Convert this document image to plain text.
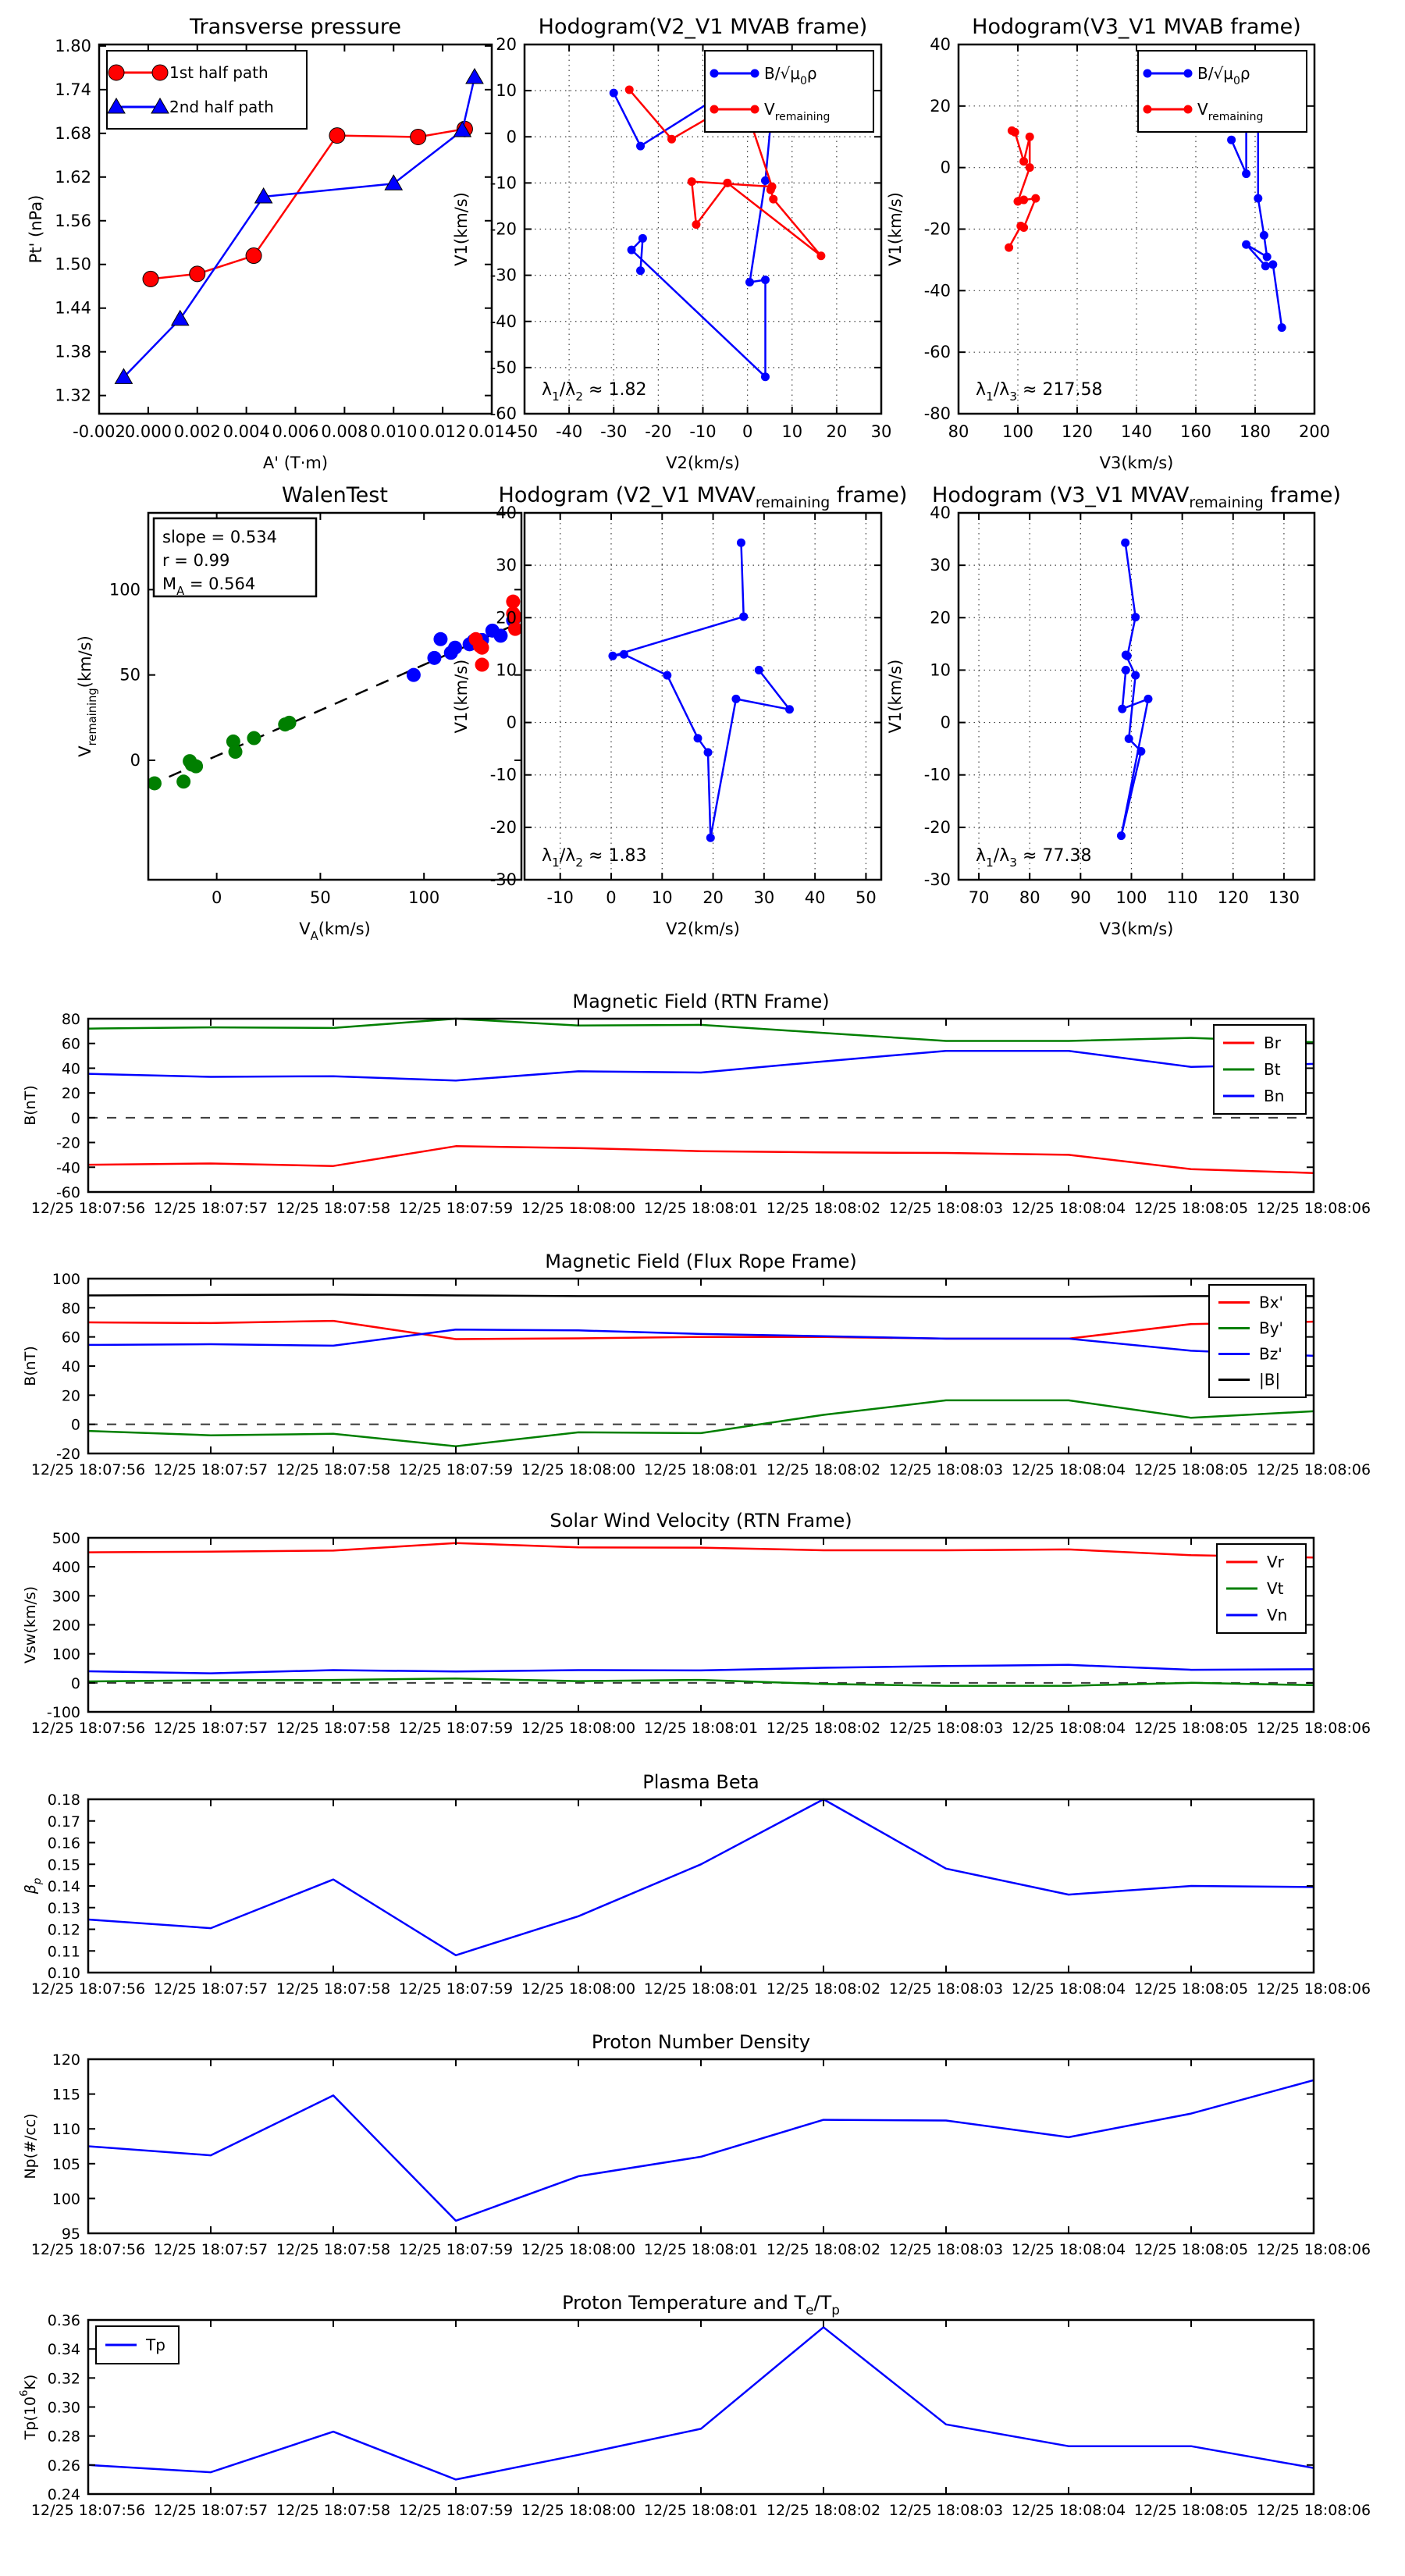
-0.002
0.000 0.002 0.004 0.006 0.008 0.010 0.012 0.014
1.32
1.38
1.44
1.50
1.56
1.62
1.68
1.74
1.80
Transverse pressure
A' (T·m)
Pt' (nPa)
1st half path
2nd half path
-50 -40 -30 -20 -10 0 10 20 30
-60
-50
-40
-30
-20
-10
0
10
20
Hodogram(V2_V1 MVAB frame)
V2(km/s)
V1(km/s)
$B/√\mu_0\rho$
$V_{remaining}$
$\lambda_1/\lambda_2 \approx 1.82$
80 100 120 140 160 180 200
-80
-60
-40
-20
0
20
40
Hodogram(V3_V1 MVAB frame)
V3(km/s)
V1(km/s)
$B/√\mu_0\rho$
$V_{remaining}$
$\lambda_1/\lambda_3 \approx 217.58$
0	50	100
0
50
100
WalenTest
$V_A(km/s)$
$V_{remaining}(km/s)$
slope = 0.534
r = 0.99
$M_A = 0.564$
-10 0 10 20 30 40 50
-30
-20
-10
0
10
20
30
40
Hodogram (V2_V1 $MVAV_{remaining}$ frame)
V2(km/s)
V1(km/s)
$\lambda_1/\lambda_2 \approx 1.83$
70 80 90 100 110 120 130
-30
-20
-10
0
10
20
30
40
Hodogram (V3_V1 $MVAV_{remaining}$ frame)
V3(km/s)
V1(km/s)
$\lambda_1/\lambda_3 \approx 77.38$
12/25 18:07:56 12/25 18:07:57 12/25 18:07:58 12/25 18:07:59 12/25 18:08:00 12/25 18:08:01 12/25 18:08:02 12/25 18:08:03 12/25 18:08:04 12/25 18:08:05 12/25 18:08:06
-60
-40
-20
0
20
40
60
80
Magnetic Field (RTN Frame)
B(nT)
Br
Bt
Bn
12/25 18:07:56 12/25 18:07:57 12/25 18:07:58 12/25 18:07:59 12/25 18:08:00 12/25 18:08:01 12/25 18:08:02 12/25 18:08:03 12/25 18:08:04 12/25 18:08:05 12/25 18:08:06
-20
0
20
40
60
80
100
Magnetic Field (Flux Rope Frame)
B(nT)
Bx'
By'
Bz'
|B|
12/25 18:07:56 12/25 18:07:57 12/25 18:07:58 12/25 18:07:59 12/25 18:08:00 12/25 18:08:01 12/25 18:08:02 12/25 18:08:03 12/25 18:08:04 12/25 18:08:05 12/25 18:08:06
-100
0
100
200
300
400
500
Solar Wind Velocity (RTN Frame)
Vsw(km/s)
Vr
Vt
Vn
12/25 18:07:56 12/25 18:07:57 12/25 18:07:58 12/25 18:07:59 12/25 18:08:00 12/25 18:08:01 12/25 18:08:02 12/25 18:08:03 12/25 18:08:04 12/25 18:08:05 12/25 18:08:06
0.10
0.11
0.12
0.13
0.14
0.15
0.16
0.17
0.18
Plasma Beta
$\beta_p$
12/25 18:07:56 12/25 18:07:57 12/25 18:07:58 12/25 18:07:59 12/25 18:08:00 12/25 18:08:01 12/25 18:08:02 12/25 18:08:03 12/25 18:08:04 12/25 18:08:05 12/25 18:08:06
95
100
105
110
115
120
Proton Number Density
Np(#/cc)
12/25 18:07:56 12/25 18:07:57 12/25 18:07:58 12/25 18:07:59 12/25 18:08:00 12/25 18:08:01 12/25 18:08:02 12/25 18:08:03 12/25 18:08:04 12/25 18:08:05 12/25 18:08:06
0.24
0.26
0.28
0.30
0.32
0.34
0.36
Proton Temperature and $T_e/T_p$
$Tp(10^6K)$
Tp
